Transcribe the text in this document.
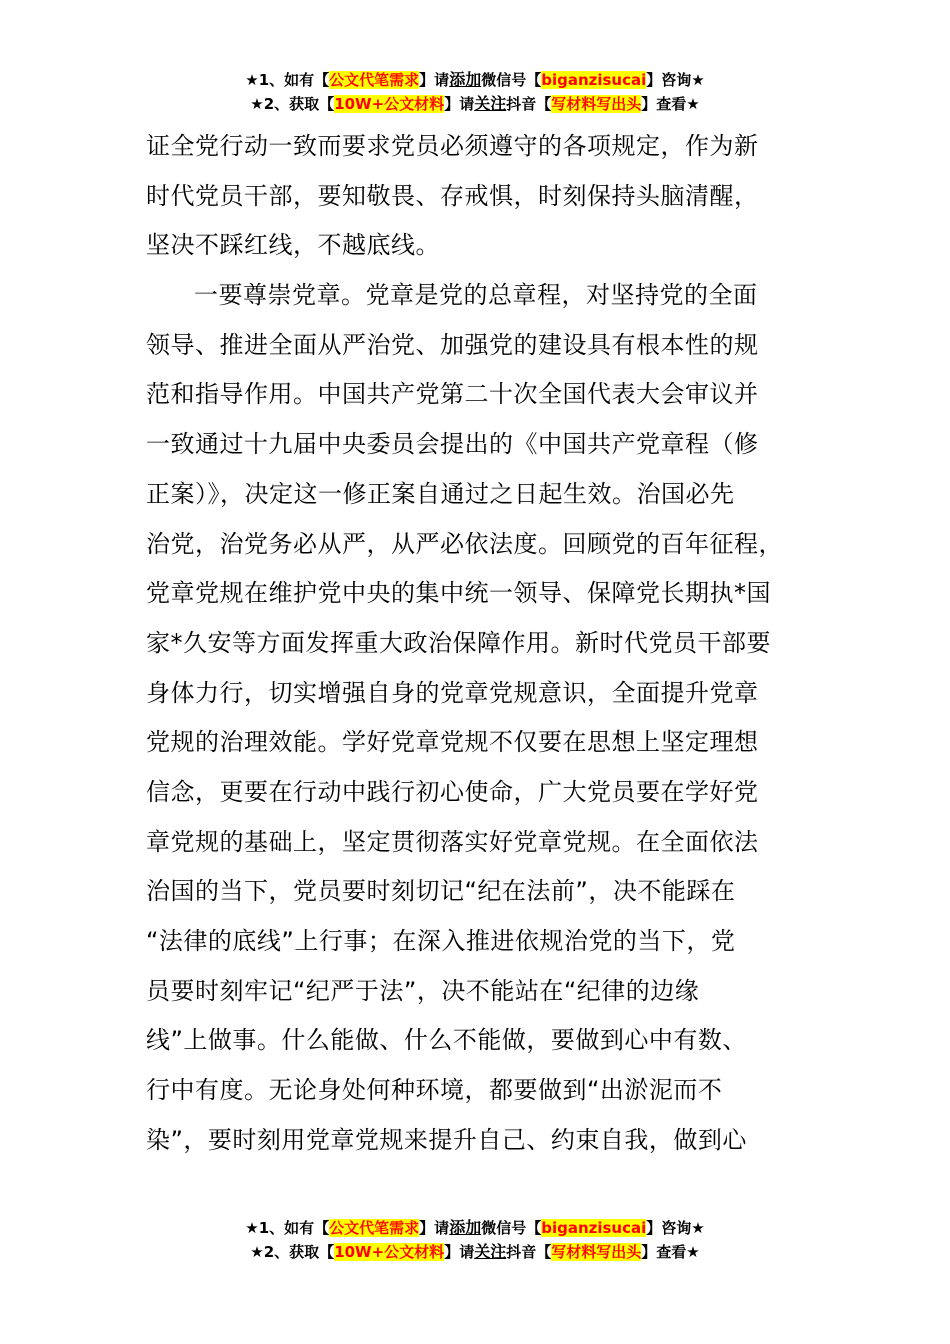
★1、如有【公文代笔需求】请添加微信号【biganzisucai】咨询★
★2、获取【10W+公文材料】请关注抖音【写材料写出头】查看★
证全党行动一致而要求党员必须遵守的各项规定，作为新
时代党员干部，要知敬畏、存戒惧，时刻保持头脑清醒，
坚决不踩红线，不越底线。
一要尊崇党章。党章是党的总章程，对坚持党的全面
领导、推进全面从严治党、加强党的建设具有根本性的规
范和指导作用。中国共产党第二十次全国代表大会审议并
一致通过十九届中央委员会提出的《中国共产党章程（修
正案）》，决定这一修正案自通过之日起生效。治国必先
治党，治党务必从严，从严必依法度。回顾党的百年征程，
党章党规在维护党中央的集中统一领导、保障党长期执*国
家*久安等方面发挥重大政治保障作用。新时代党员干部要
身体力行，切实增强自身的党章党规意识，全面提升党章
党规的治理效能。学好党章党规不仅要在思想上坚定理想
信念，更要在行动中践行初心使命，广大党员要在学好党
章党规的基础上，坚定贯彻落实好党章党规。在全面依法
治国的当下，党员要时刻切记“纪在法前”，决不能踩在
“法律的底线”上行事；在深入推进依规治党的当下，党
员要时刻牢记“纪严于法”，决不能站在“纪律的边缘
线”上做事。什么能做、什么不能做，要做到心中有数、
行中有度。无论身处何种环境，都要做到“出淤泥而不
染”，要时刻用党章党规来提升自己、约束自我，做到心
★1、如有【公文代笔需求】请添加微信号【biganzisucai】咨询★
★2、获取【10W+公文材料】请关注抖音【写材料写出头】查看★
